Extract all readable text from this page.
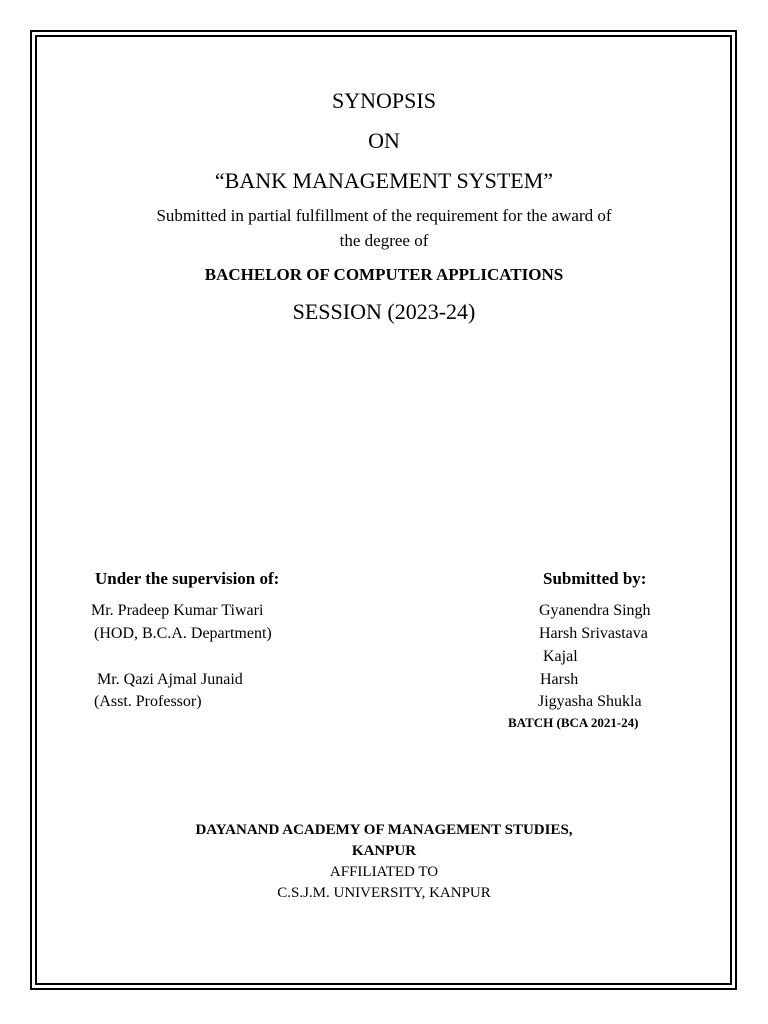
SYNOPSIS
ON
“BANK MANAGEMENT SYSTEM”
Submitted in partial fulfillment of the requirement for the award of
the degree of
BACHELOR OF COMPUTER APPLICATIONS
SESSION (2023-24)
Under the supervision of:	Submitted by:
Mr. Pradeep Kumar Tiwari
(HOD, B.C.A. Department)
Mr. Qazi Ajmal Junaid
(Asst. Professor)
Gyanendra Singh
Harsh Srivastava
Kajal
Harsh
Jigyasha Shukla
BATCH (BCA 2021-24)
DAYANAND ACADEMY OF MANAGEMENT STUDIES,
KANPUR
AFFILIATED TO
C.S.J.M. UNIVERSITY, KANPUR
